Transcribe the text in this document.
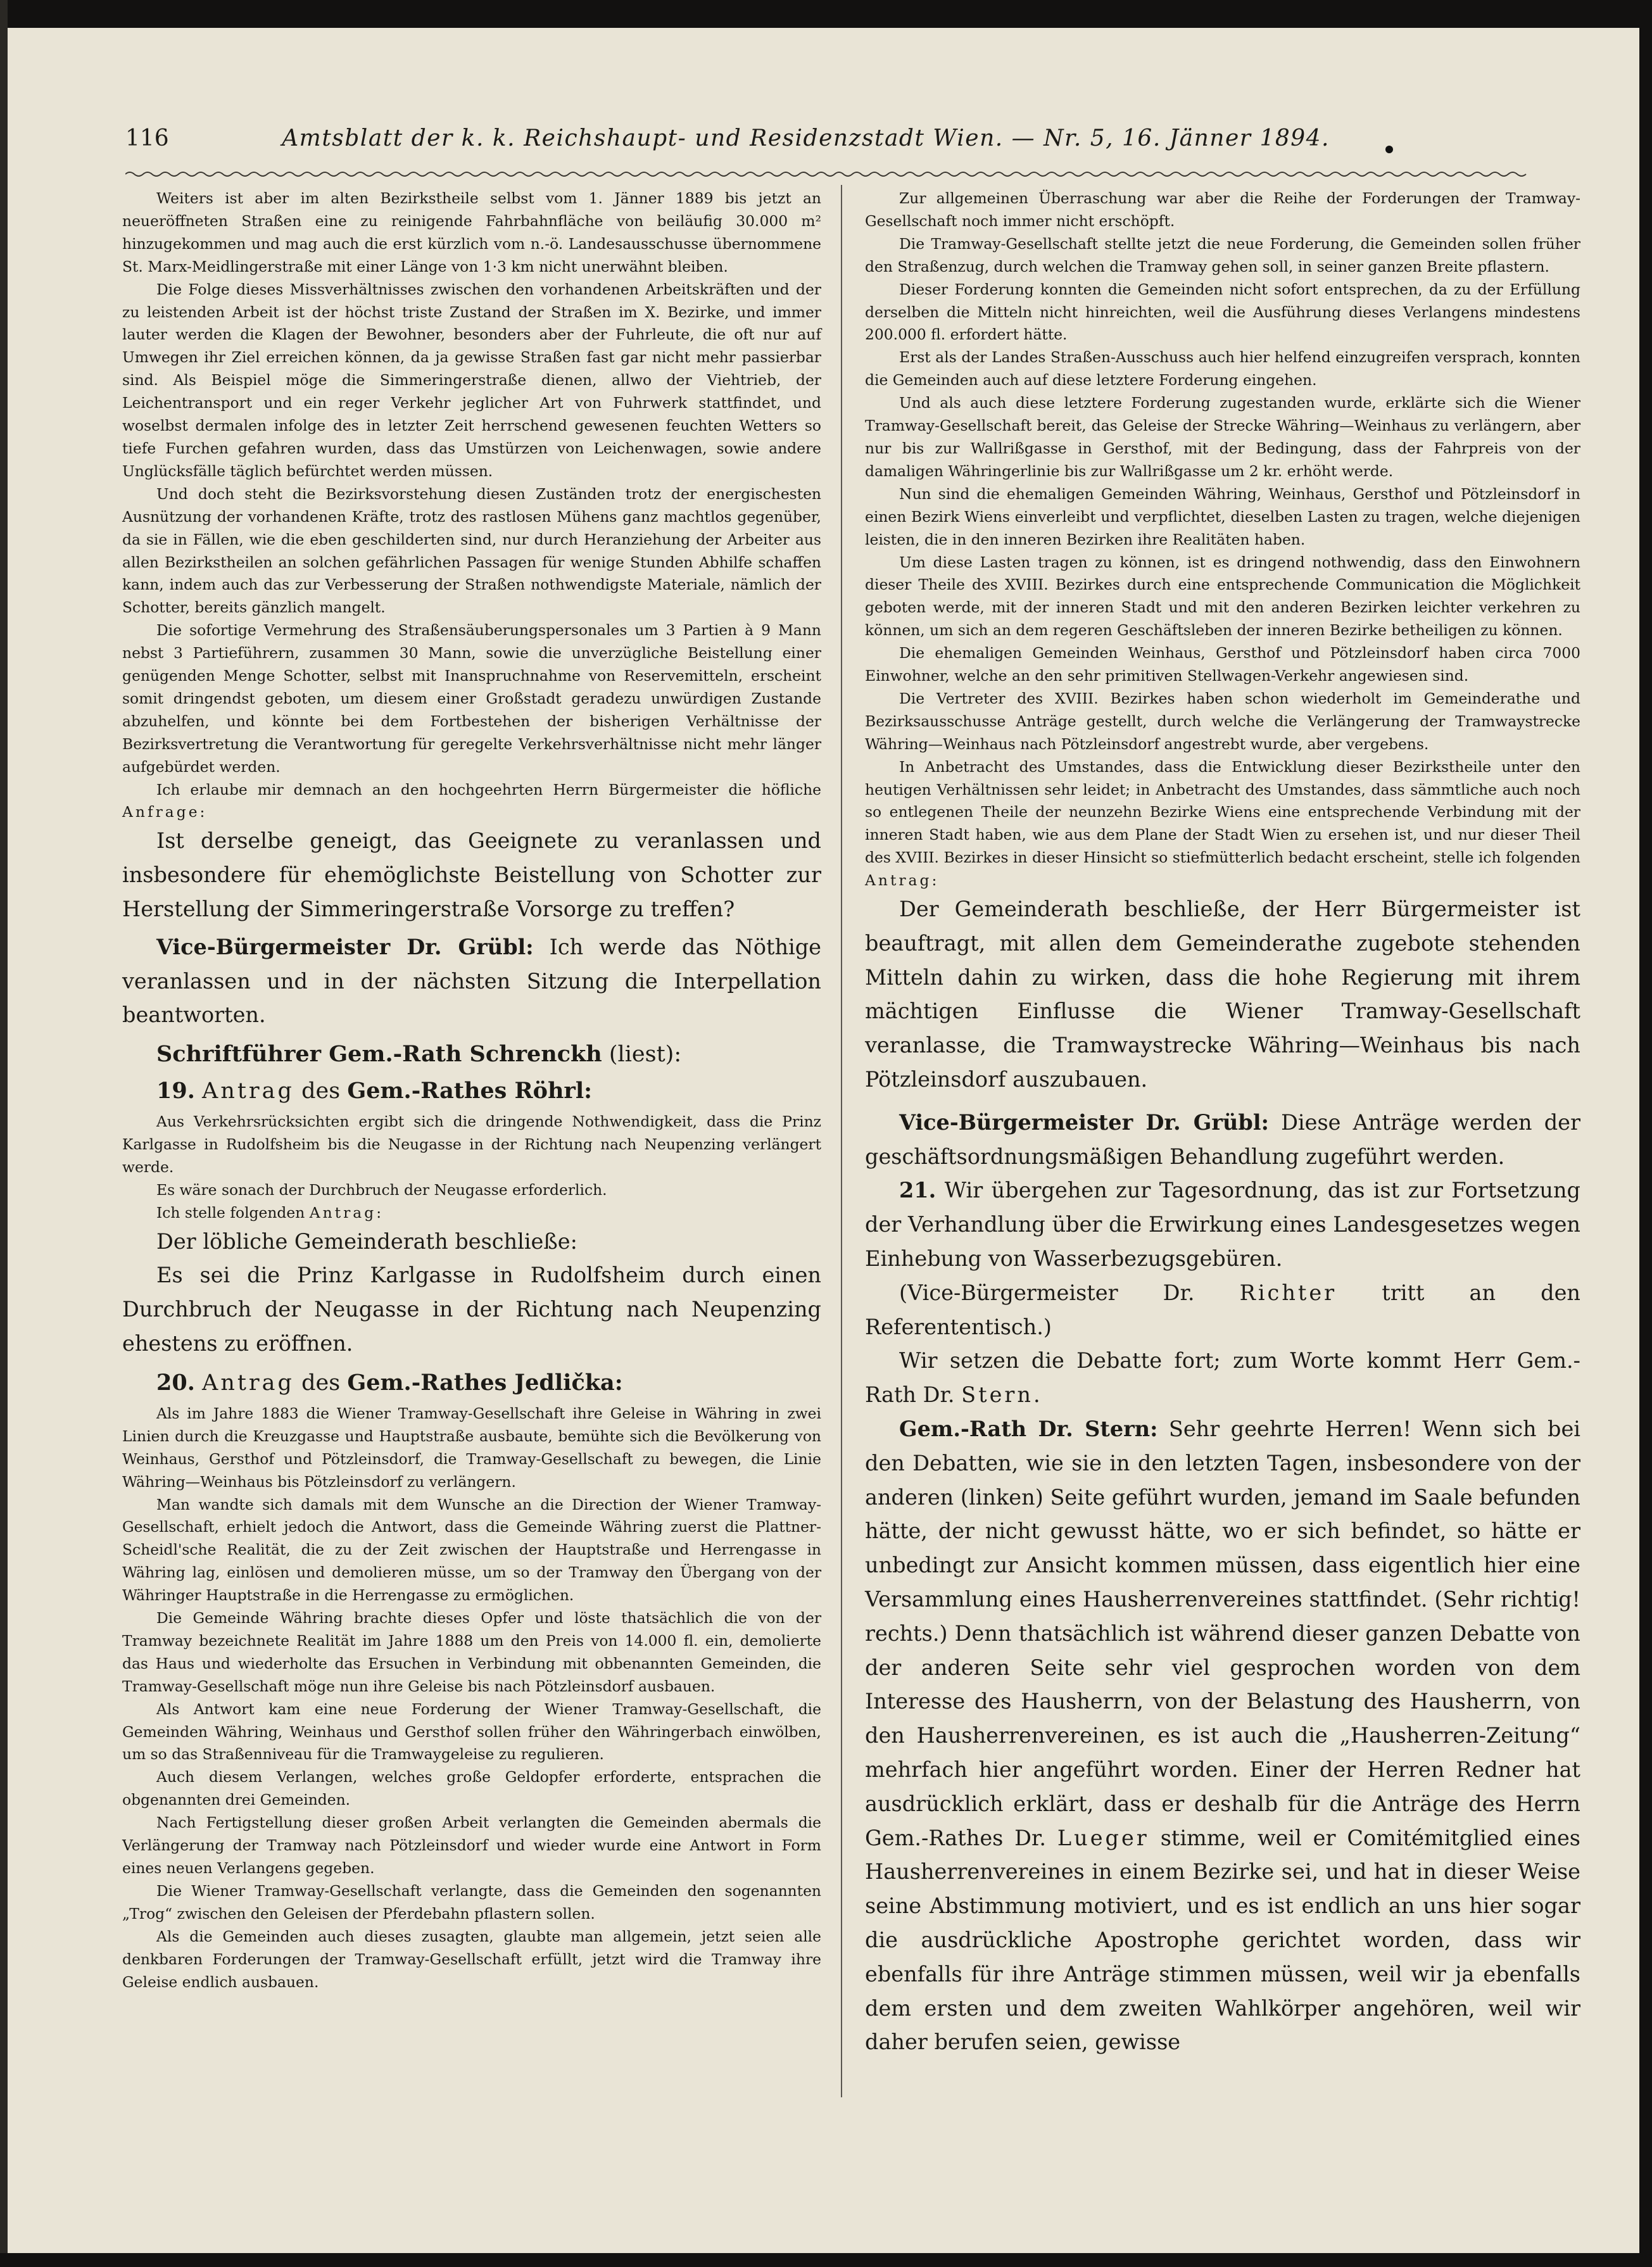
116	Amtsblatt der k. k. Reichshaupt- und Residenzstadt Wien. — Nr. 5, 16. Jänner 1894.

Weiters ist aber im alten Bezirkstheile selbst vom 1. Jänner 1889 bis jetzt an neueröffneten Straßen eine zu reinigende Fahrbahnfläche von beiläufig 30.000 m² hinzugekommen und mag auch die erst kürzlich vom n.-ö. Landesausschusse übernommene St. Marx-Meidlingerstraße mit einer Länge von 1·3 km nicht unerwähnt bleiben.

Die Folge dieses Missverhältnisses zwischen den vorhandenen Arbeitskräften und der zu leistenden Arbeit ist der höchst triste Zustand der Straßen im X. Bezirke, und immer lauter werden die Klagen der Bewohner, besonders aber der Fuhrleute, die oft nur auf Umwegen ihr Ziel erreichen können, da ja gewisse Straßen fast gar nicht mehr passierbar sind. Als Beispiel möge die Simmeringerstraße dienen, allwo der Viehtrieb, der Leichentransport und ein reger Verkehr jeglicher Art von Fuhrwerk stattfindet, und woselbst dermalen infolge des in letzter Zeit herrschend gewesenen feuchten Wetters so tiefe Furchen gefahren wurden, dass das Umstürzen von Leichenwagen, sowie andere Unglücksfälle täglich befürchtet werden müssen.

Und doch steht die Bezirksvorstehung diesen Zuständen trotz der energischesten Ausnützung der vorhandenen Kräfte, trotz des rastlosen Mühens ganz machtlos gegenüber, da sie in Fällen, wie die eben geschilderten sind, nur durch Heranziehung der Arbeiter aus allen Bezirkstheilen an solchen gefährlichen Passagen für wenige Stunden Abhilfe schaffen kann, indem auch das zur Verbesserung der Straßen nothwendigste Materiale, nämlich der Schotter, bereits gänzlich mangelt.

Die sofortige Vermehrung des Straßensäuberungspersonales um 3 Partien à 9 Mann nebst 3 Partieführern, zusammen 30 Mann, sowie die unverzügliche Beistellung einer genügenden Menge Schotter, selbst mit Inanspruchnahme von Reservemitteln, erscheint somit dringendst geboten, um diesem einer Großstadt geradezu unwürdigen Zustande abzuhelfen, und könnte bei dem Fortbestehen der bisherigen Verhältnisse der Bezirksvertretung die Verantwortung für geregelte Verkehrsverhältnisse nicht mehr länger aufgebürdet werden.

Ich erlaube mir demnach an den hochgeehrten Herrn Bürgermeister die höfliche Anfrage:

Ist derselbe geneigt, das Geeignete zu veranlassen und insbesondere für ehemöglichste Beistellung von Schotter zur Herstellung der Simmeringerstraße Vorsorge zu treffen?

Vice-Bürgermeister Dr. Grübl: Ich werde das Nöthige veranlassen und in der nächsten Sitzung die Interpellation beantworten.

Schriftführer Gem.-Rath Schrenckh (liest):

19. Antrag des Gem.-Rathes Röhrl:

Aus Verkehrsrücksichten ergibt sich die dringende Nothwendigkeit, dass die Prinz Karlgasse in Rudolfsheim bis die Neugasse in der Richtung nach Neupenzing verlängert werde.

Es wäre sonach der Durchbruch der Neugasse erforderlich.

Ich stelle folgenden Antrag:

Der löbliche Gemeinderath beschließe:

Es sei die Prinz Karlgasse in Rudolfsheim durch einen Durchbruch der Neugasse in der Richtung nach Neupenzing ehestens zu eröffnen.

20. Antrag des Gem.-Rathes Jedlička:

Als im Jahre 1883 die Wiener Tramway-Gesellschaft ihre Geleise in Währing in zwei Linien durch die Kreuzgasse und Hauptstraße ausbaute, bemühte sich die Bevölkerung von Weinhaus, Gersthof und Pötzleinsdorf, die Tramway-Gesellschaft zu bewegen, die Linie Währing—Weinhaus bis Pötzleinsdorf zu verlängern.

Man wandte sich damals mit dem Wunsche an die Direction der Wiener Tramway-Gesellschaft, erhielt jedoch die Antwort, dass die Gemeinde Währing zuerst die Plattner-Scheidl'sche Realität, die zu der Zeit zwischen der Hauptstraße und Herrengasse in Währing lag, einlösen und demolieren müsse, um so der Tramway den Übergang von der Währinger Hauptstraße in die Herrengasse zu ermöglichen.

Die Gemeinde Währing brachte dieses Opfer und löste thatsächlich die von der Tramway bezeichnete Realität im Jahre 1888 um den Preis von 14.000 fl. ein, demolierte das Haus und wiederholte das Ersuchen in Verbindung mit obbenannten Gemeinden, die Tramway-Gesellschaft möge nun ihre Geleise bis nach Pötzleinsdorf ausbauen.

Als Antwort kam eine neue Forderung der Wiener Tramway-Gesellschaft, die Gemeinden Währing, Weinhaus und Gersthof sollen früher den Währingerbach einwölben, um so das Straßenniveau für die Tramwaygeleise zu regulieren.

Auch diesem Verlangen, welches große Geldopfer erforderte, entsprachen die obgenannten drei Gemeinden.

Nach Fertigstellung dieser großen Arbeit verlangten die Gemeinden abermals die Verlängerung der Tramway nach Pötzleinsdorf und wieder wurde eine Antwort in Form eines neuen Verlangens gegeben.

Die Wiener Tramway-Gesellschaft verlangte, dass die Gemeinden den sogenannten „Trog“ zwischen den Geleisen der Pferdebahn pflastern sollen.

Als die Gemeinden auch dieses zusagten, glaubte man allgemein, jetzt seien alle denkbaren Forderungen der Tramway-Gesellschaft erfüllt, jetzt wird die Tramway ihre Geleise endlich ausbauen.

Zur allgemeinen Überraschung war aber die Reihe der Forderungen der Tramway-Gesellschaft noch immer nicht erschöpft.

Die Tramway-Gesellschaft stellte jetzt die neue Forderung, die Gemeinden sollen früher den Straßenzug, durch welchen die Tramway gehen soll, in seiner ganzen Breite pflastern.

Dieser Forderung konnten die Gemeinden nicht sofort entsprechen, da zu der Erfüllung derselben die Mitteln nicht hinreichten, weil die Ausführung dieses Verlangens mindestens 200.000 fl. erfordert hätte.

Erst als der Landes Straßen-Ausschuss auch hier helfend einzugreifen versprach, konnten die Gemeinden auch auf diese letztere Forderung eingehen.

Und als auch diese letztere Forderung zugestanden wurde, erklärte sich die Wiener Tramway-Gesellschaft bereit, das Geleise der Strecke Währing—Weinhaus zu verlängern, aber nur bis zur Wallrißgasse in Gersthof, mit der Bedingung, dass der Fahrpreis von der damaligen Währingerlinie bis zur Wallrißgasse um 2 kr. erhöht werde.

Nun sind die ehemaligen Gemeinden Währing, Weinhaus, Gersthof und Pötzleinsdorf in einen Bezirk Wiens einverleibt und verpflichtet, dieselben Lasten zu tragen, welche diejenigen leisten, die in den inneren Bezirken ihre Realitäten haben.

Um diese Lasten tragen zu können, ist es dringend nothwendig, dass den Einwohnern dieser Theile des XVIII. Bezirkes durch eine entsprechende Communication die Möglichkeit geboten werde, mit der inneren Stadt und mit den anderen Bezirken leichter verkehren zu können, um sich an dem regeren Geschäftsleben der inneren Bezirke betheiligen zu können.

Die ehemaligen Gemeinden Weinhaus, Gersthof und Pötzleinsdorf haben circa 7000 Einwohner, welche an den sehr primitiven Stellwagen-Verkehr angewiesen sind.

Die Vertreter des XVIII. Bezirkes haben schon wiederholt im Gemeinderathe und Bezirksausschusse Anträge gestellt, durch welche die Verlängerung der Tramwaystrecke Währing—Weinhaus nach Pötzleinsdorf angestrebt wurde, aber vergebens.

In Anbetracht des Umstandes, dass die Entwicklung dieser Bezirkstheile unter den heutigen Verhältnissen sehr leidet; in Anbetracht des Umstandes, dass sämmtliche auch noch so entlegenen Theile der neunzehn Bezirke Wiens eine entsprechende Verbindung mit der inneren Stadt haben, wie aus dem Plane der Stadt Wien zu ersehen ist, und nur dieser Theil des XVIII. Bezirkes in dieser Hinsicht so stiefmütterlich bedacht erscheint, stelle ich folgenden Antrag:

Der Gemeinderath beschließe, der Herr Bürgermeister ist beauftragt, mit allen dem Gemeinderathe zugebote stehenden Mitteln dahin zu wirken, dass die hohe Regierung mit ihrem mächtigen Einflusse die Wiener Tramway-Gesellschaft veranlasse, die Tramwaystrecke Währing—Weinhaus bis nach Pötzleinsdorf auszubauen.

Vice-Bürgermeister Dr. Grübl: Diese Anträge werden der geschäftsordnungsmäßigen Behandlung zugeführt werden.

21. Wir übergehen zur Tagesordnung, das ist zur Fortsetzung der Verhandlung über die Erwirkung eines Landesgesetzes wegen Einhebung von Wasserbezugsgebüren.

(Vice-Bürgermeister Dr. Richter tritt an den Referententisch.)

Wir setzen die Debatte fort; zum Worte kommt Herr Gem.-Rath Dr. Stern.

Gem.-Rath Dr. Stern: Sehr geehrte Herren! Wenn sich bei den Debatten, wie sie in den letzten Tagen, insbesondere von der anderen (linken) Seite geführt wurden, jemand im Saale befunden hätte, der nicht gewusst hätte, wo er sich befindet, so hätte er unbedingt zur Ansicht kommen müssen, dass eigentlich hier eine Versammlung eines Hausherrenvereines stattfindet. (Sehr richtig! rechts.) Denn thatsächlich ist während dieser ganzen Debatte von der anderen Seite sehr viel gesprochen worden von dem Interesse des Hausherrn, von der Belastung des Hausherrn, von den Hausherrenvereinen, es ist auch die „Hausherren-Zeitung“ mehrfach hier angeführt worden. Einer der Herren Redner hat ausdrücklich erklärt, dass er deshalb für die Anträge des Herrn Gem.-Rathes Dr. Lueger stimme, weil er Comitémitglied eines Hausherrenvereines in einem Bezirke sei, und hat in dieser Weise seine Abstimmung motiviert, und es ist endlich an uns hier sogar die ausdrückliche Apostrophe gerichtet worden, dass wir ebenfalls für ihre Anträge stimmen müssen, weil wir ja ebenfalls dem ersten und dem zweiten Wahlkörper angehören, weil wir daher berufen seien, gewisse
